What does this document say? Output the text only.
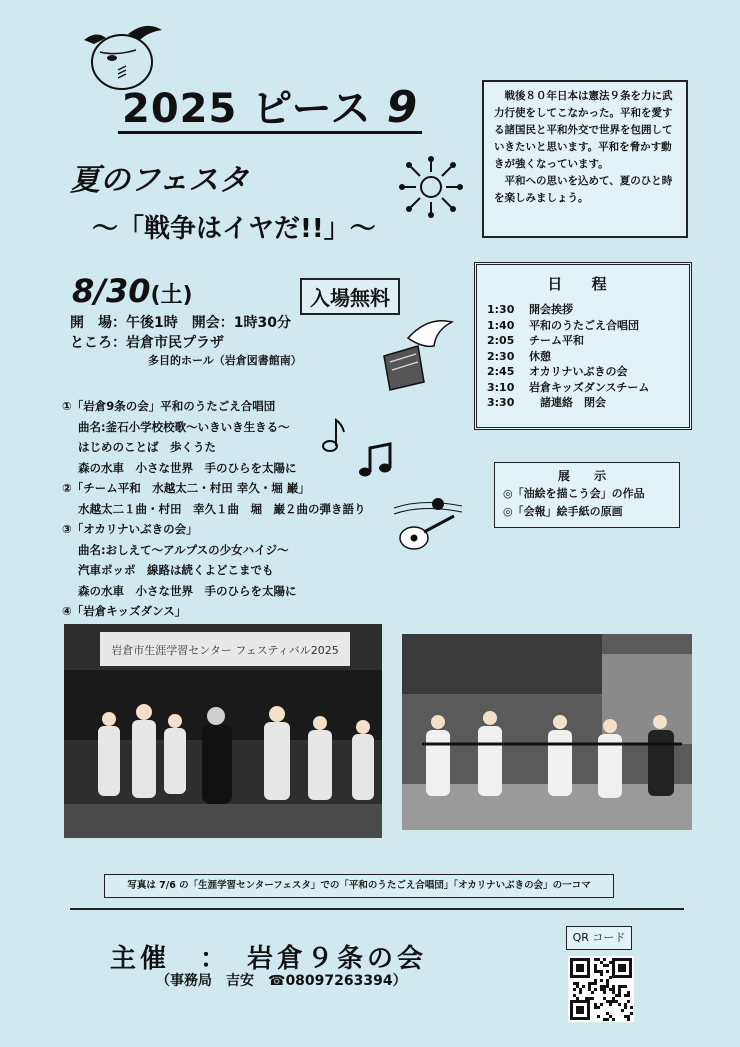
2025 ピース 9
夏のフェスタ
～「戦争はイヤだ!!」～

戦後８０年日本は憲法９条を力に武力行使をしてこなかった。平和を愛する諸国民と平和外交で世界を包囲していきたいと思います。平和を脅かす動きが強くなっています。

平和への思いを込めて、夏のひと時を楽しみましょう。

8/30(土)	入場無料
開　場：午後1時　開会：1時30分
ところ：岩倉市民プラザ
多目的ホール（岩倉図書館南）
日 程
1:30	開会挨拶
1:40	平和のうたごえ合唱団
2:05	チーム平和
2:30	休憩
2:45	オカリナいぶきの会
3:10	岩倉キッズダンスチーム
3:30	　諸連絡　閉会
展 示
◎「油絵を描こう会」の作品
◎「会報」絵手紙の原画
①「岩倉9条の会」平和のうたごえ合唱団
曲名:釜石小学校校歌～いきいき生きる～
はじめのことば　歩くうた
森の水車　小さな世界　手のひらを太陽に
②「チーム平和　水越太二・村田 幸久・堀 巌」
水越太二１曲・村田　幸久１曲　堀　巌２曲の弾き語り
③「オカリナいぶきの会」
曲名:おしえて～アルプスの少女ハイジ～
汽車ポッポ　線路は続くよどこまでも
森の水車　小さな世界　手のひらを太陽に
④「岩倉キッズダンス」
岩倉市生涯学習センター フェスティバル2025
写真は 7/6 の「生涯学習センターフェスタ」での「平和のうたごえ合唱団」「オカリナいぶきの会」の一コマ
主催　：　岩倉９条の会
（事務局　吉安　☎08097263394）
QR コード
